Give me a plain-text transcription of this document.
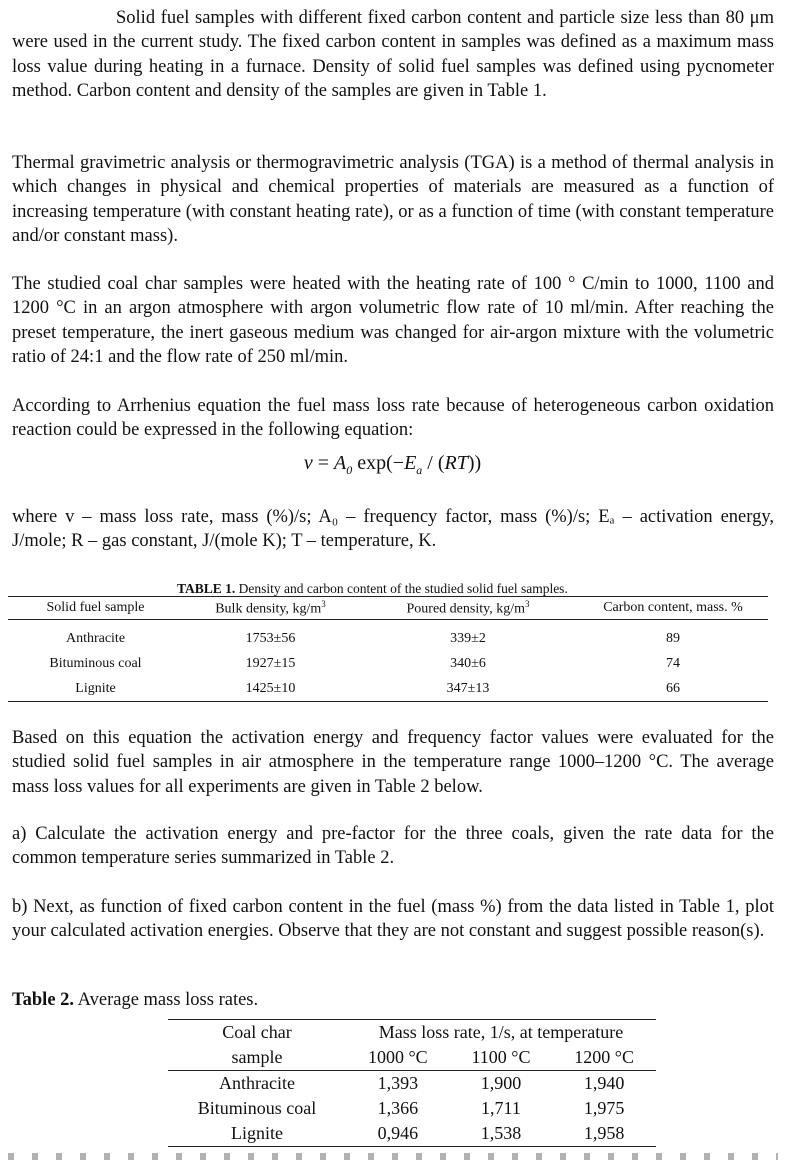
Solid fuel samples with different fixed carbon content and particle size less than 80 μm were used in the current study. The fixed carbon content in samples was defined as a maximum mass loss value during heating in a furnace. Density of solid fuel samples was defined using pycnometer method. Carbon content and density of the samples are given in Table 1.

Thermal gravimetric analysis or thermogravimetric analysis (TGA) is a method of thermal analysis in which changes in physical and chemical properties of materials are measured as a function of increasing temperature (with constant heating rate), or as a function of time (with constant temperature and/or constant mass).

The studied coal char samples were heated with the heating rate of 100 ° C/min to 1000, 1100 and 1200 °C in an argon atmosphere with argon volumetric flow rate of 10 ml/min. After reaching the preset temperature, the inert gaseous medium was changed for air-argon mixture with the volumetric ratio of 24:1 and the flow rate of 250 ml/min.

According to Arrhenius equation the fuel mass loss rate because of heterogeneous carbon oxidation reaction could be expressed in the following equation:

$v = A_0$ $\exp(-E_a / (RT))$

where v – mass loss rate, mass (%)/s; A₀ – frequency factor, mass (%)/s; Eₐ – activation energy, J/mole; R – gas constant, J/(mole K); T – temperature, K.

TABLE 1. Density and carbon content of the studied solid fuel samples.
Solid fuel sample	Bulk density, $kg/m^3$	Poured density, $kg/m^3$	Carbon content, mass. %
Anthracite	1753±56	339±2	89
Bituminous coal	1927±15	340±6	74
Lignite	1425±10	347±13	66

Based on this equation the activation energy and frequency factor values were evaluated for the studied solid fuel samples in air atmosphere in the temperature range 1000–1200 °C. The average mass loss values for all experiments are given in Table 2 below.

a) Calculate the activation energy and pre-factor for the three coals, given the rate data for the common temperature series summarized in Table 2.

b) Next, as function of fixed carbon content in the fuel (mass %) from the data listed in Table 1, plot your calculated activation energies. Observe that they are not constant and suggest possible reason(s).

Table 2. Average mass loss rates.
Coal char	Mass loss rate, 1/s, at temperature		
sample	1000 °C	1100 °C	1200 °C
Anthracite	1,393	1,900	1,940
Bituminous coal	1,366	1,711	1,975
Lignite	0,946	1,538	1,958
